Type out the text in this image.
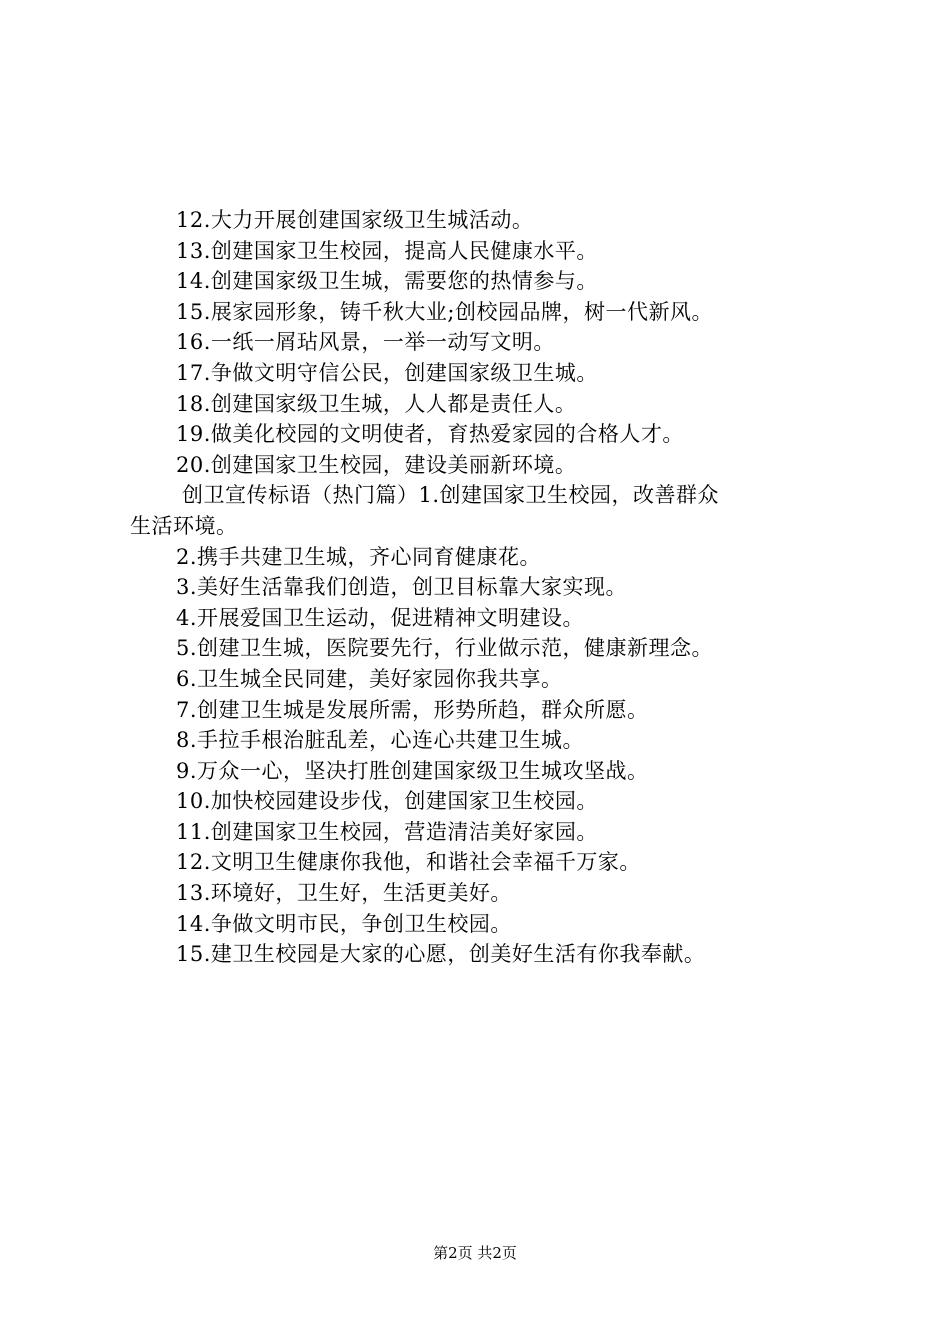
12.大力开展创建国家级卫生城活动。
13.创建国家卫生校园，提高人民健康水平。
14.创建国家级卫生城，需要您的热情参与。
15.展家园形象，铸千秋大业;创校园品牌，树一代新风。
16.一纸一屑玷风景，一举一动写文明。
17.争做文明守信公民，创建国家级卫生城。
18.创建国家级卫生城，人人都是责任人。
19.做美化校园的文明使者，育热爱家园的合格人才。
20.创建国家卫生校园，建设美丽新环境。
创卫宣传标语（热门篇）1.创建国家卫生校园，改善群众
生活环境。
2.携手共建卫生城，齐心同育健康花。
3.美好生活靠我们创造，创卫目标靠大家实现。
4.开展爱国卫生运动，促进精神文明建设。
5.创建卫生城，医院要先行，行业做示范，健康新理念。
6.卫生城全民同建，美好家园你我共享。
7.创建卫生城是发展所需，形势所趋，群众所愿。
8.手拉手根治脏乱差，心连心共建卫生城。
9.万众一心，坚决打胜创建国家级卫生城攻坚战。
10.加快校园建设步伐，创建国家卫生校园。
11.创建国家卫生校园，营造清洁美好家园。
12.文明卫生健康你我他，和谐社会幸福千万家。
13.环境好，卫生好，生活更美好。
14.争做文明市民，争创卫生校园。
15.建卫生校园是大家的心愿，创美好生活有你我奉献。
第2页 共2页
